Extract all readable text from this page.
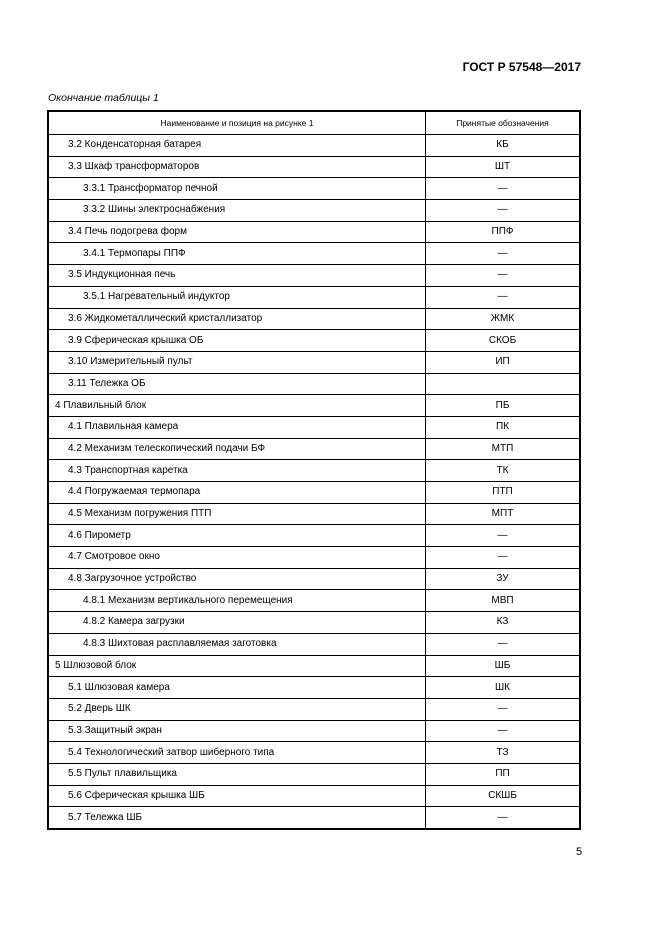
ГОСТ Р 57548—2017
Окончание таблицы 1
Наименование и позиция на рисунке 1	Принятые обозначения
3.2 Конденсаторная батарея	КБ
3.3 Шкаф трансформаторов	ШТ
3.3.1 Трансформатор печной	—
3.3.2 Шины электроснабжения	—
3.4 Печь подогрева форм	ППФ
3.4.1 Термопары ППФ	—
3.5 Индукционная печь	—
3.5.1 Нагревательный индуктор	—
3.6 Жидкометаллический кристаллизатор	ЖМК
3.9 Сферическая крышка ОБ	СКОБ
3.10 Измерительный пульт	ИП
3.11 Тележка ОБ	
4 Плавильный блок	ПБ
4.1 Плавильная камера	ПК
4.2 Механизм телескопический подачи БФ	МТП
4.3 Транспортная каретка	ТК
4.4 Погружаемая термопара	ПТП
4.5 Механизм погружения ПТП	МПТ
4.6 Пирометр	—
4.7 Смотровое окно	—
4.8 Загрузочное устройство	ЗУ
4.8.1 Механизм вертикального перемещения	МВП
4.8.2 Камера загрузки	КЗ
4.8.3 Шихтовая расплавляемая заготовка	—
5 Шлюзовой блок	ШБ
5.1 Шлюзовая камера	ШК
5.2 Дверь ШК	—
5.3 Защитный экран	—
5.4 Технологический затвор шиберного типа	ТЗ
5.5 Пульт плавильщика	ПП
5.6 Сферическая крышка ШБ	СКШБ
5.7 Тележка ШБ	—
5
